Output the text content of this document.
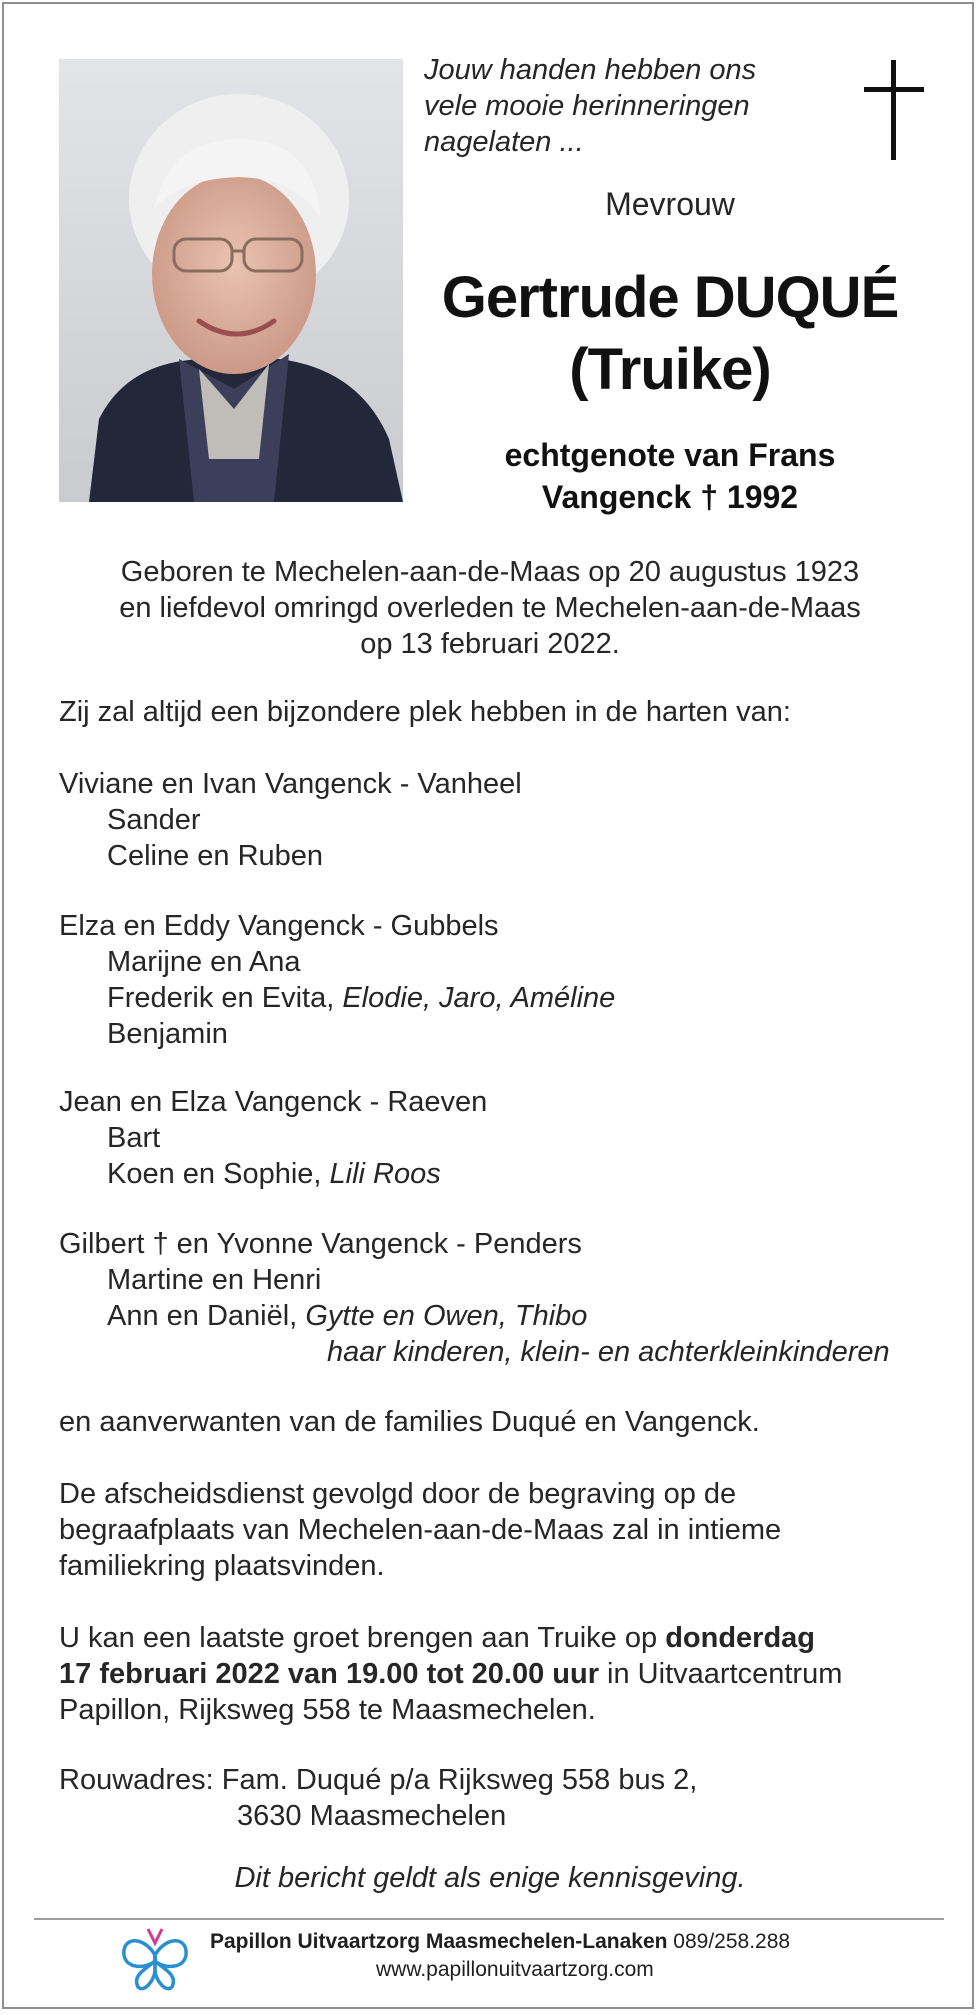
Jouw handen hebben ons
vele mooie herinneringen
nagelaten ...
Mevrouw
Gertrude DUQUÉ
(Truike)
echtgenote van Frans
Vangenck † 1992
Geboren te Mechelen-aan-de-Maas op 20 augustus 1923
en liefdevol omringd overleden te Mechelen-aan-de-Maas
op 13 februari 2022.
Zij zal altijd een bijzondere plek hebben in de harten van:
Viviane en Ivan Vangenck - Vanheel
Sander
Celine en Ruben
Elza en Eddy Vangenck - Gubbels
Marijne en Ana
Frederik en Evita, Elodie, Jaro, Améline
Benjamin
Jean en Elza Vangenck - Raeven
Bart
Koen en Sophie, Lili Roos
Gilbert † en Yvonne Vangenck - Penders
Martine en Henri
Ann en Daniël, Gytte en Owen, Thibo
haar kinderen, klein- en achterkleinkinderen
en aanverwanten van de families Duqué en Vangenck.
De afscheidsdienst gevolgd door de begraving op de
begraafplaats van Mechelen-aan-de-Maas zal in intieme
familiekring plaatsvinden.
U kan een laatste groet brengen aan Truike op donderdag
17 februari 2022 van 19.00 tot 20.00 uur in Uitvaartcentrum
Papillon, Rijksweg 558 te Maasmechelen.
Rouwadres: Fam. Duqué p/a Rijksweg 558 bus 2,
3630 Maasmechelen
Dit bericht geldt als enige kennisgeving.
Papillon Uitvaartzorg Maasmechelen-Lanaken 089/258.288
www.papillonuitvaartzorg.com
